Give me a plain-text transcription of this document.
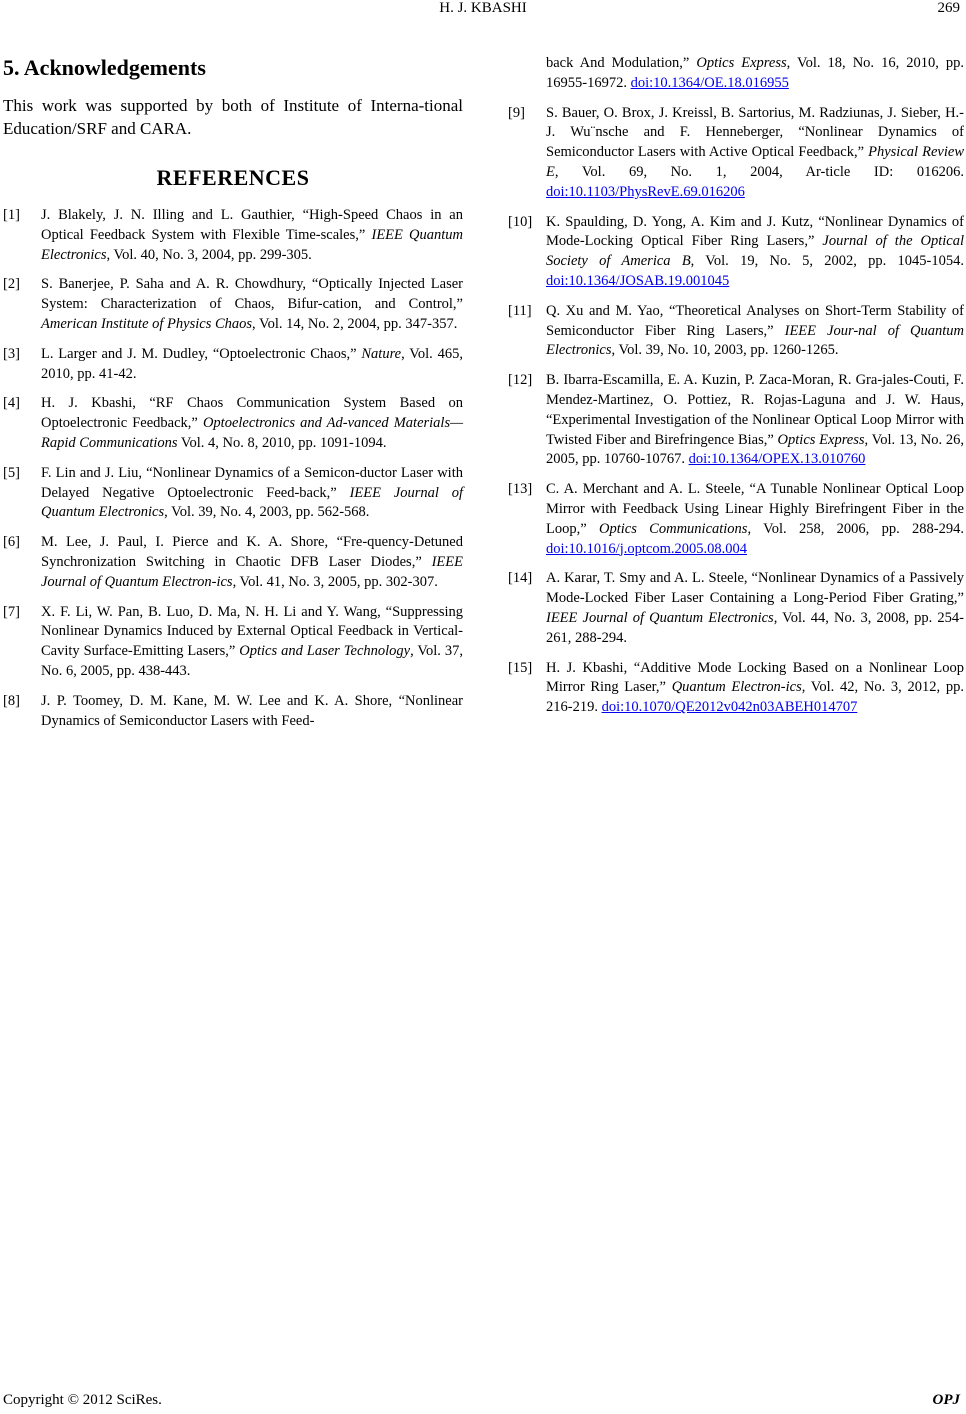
H. J. KBASHI	269
5. Acknowledgements

This work was supported by both of Institute of Interna-tional Education/SRF and CARA.

REFERENCES
[1] J. Blakely, J. N. Illing and L. Gauthier, “High-Speed Chaos in an Optical Feedback System with Flexible Time-scales,” IEEE Quantum Electronics, Vol. 40, No. 3, 2004, pp. 299-305.
[2] S. Banerjee, P. Saha and A. R. Chowdhury, “Optically Injected Laser System: Characterization of Chaos, Bifur-cation, and Control,” American Institute of Physics Chaos, Vol. 14, No. 2, 2004, pp. 347-357.
[3] L. Larger and J. M. Dudley, “Optoelectronic Chaos,” Nature, Vol. 465, 2010, pp. 41-42.
[4] H. J. Kbashi, “RF Chaos Communication System Based on Optoelectronic Feedback,” Optoelectronics and Ad-vanced Materials—Rapid Communications Vol. 4, No. 8, 2010, pp. 1091-1094.
[5] F. Lin and J. Liu, “Nonlinear Dynamics of a Semicon-ductor Laser with Delayed Negative Optoelectronic Feed-back,” IEEE Journal of Quantum Electronics, Vol. 39, No. 4, 2003, pp. 562-568.
[6] M. Lee, J. Paul, I. Pierce and K. A. Shore, “Fre-quency-Detuned Synchronization Switching in Chaotic DFB Laser Diodes,” IEEE Journal of Quantum Electron-ics, Vol. 41, No. 3, 2005, pp. 302-307.
[7] X. F. Li, W. Pan, B. Luo, D. Ma, N. H. Li and Y. Wang, “Suppressing Nonlinear Dynamics Induced by External Optical Feedback in Vertical-Cavity Surface-Emitting Lasers,” Optics and Laser Technology, Vol. 37, No. 6, 2005, pp. 438-443.
[8] J. P. Toomey, D. M. Kane, M. W. Lee and K. A. Shore, “Nonlinear Dynamics of Semiconductor Lasers with Feed-
back And Modulation,” Optics Express, Vol. 18, No. 16, 2010, pp. 16955-16972. doi:10.1364/OE.18.016955
[9] S. Bauer, O. Brox, J. Kreissl, B. Sartorius, M. Radziunas, J. Sieber, H.-J. Wu¨nsche and F. Henneberger, “Nonlinear Dynamics of Semiconductor Lasers with Active Optical Feedback,” Physical Review E, Vol. 69, No. 1, 2004, Ar-ticle ID: 016206. doi:10.1103/PhysRevE.69.016206
[10] K. Spaulding, D. Yong, A. Kim and J. Kutz, “Nonlinear Dynamics of Mode-Locking Optical Fiber Ring Lasers,” Journal of the Optical Society of America B, Vol. 19, No. 5, 2002, pp. 1045-1054. doi:10.1364/JOSAB.19.001045
[11] Q. Xu and M. Yao, “Theoretical Analyses on Short-Term Stability of Semiconductor Fiber Ring Lasers,” IEEE Jour-nal of Quantum Electronics, Vol. 39, No. 10, 2003, pp. 1260-1265.
[12] B. Ibarra-Escamilla, E. A. Kuzin, P. Zaca-Moran, R. Gra-jales-Couti, F. Mendez-Martinez, O. Pottiez, R. Rojas-Laguna and J. W. Haus, “Experimental Investigation of the Nonlinear Optical Loop Mirror with Twisted Fiber and Birefringence Bias,” Optics Express, Vol. 13, No. 26, 2005, pp. 10760-10767. doi:10.1364/OPEX.13.010760
[13] C. A. Merchant and A. L. Steele, “A Tunable Nonlinear Optical Loop Mirror with Feedback Using Linear Highly Birefringent Fiber in the Loop,” Optics Communications, Vol. 258, 2006, pp. 288-294. doi:10.1016/j.optcom.2005.08.004
[14] A. Karar, T. Smy and A. L. Steele, “Nonlinear Dynamics of a Passively Mode-Locked Fiber Laser Containing a Long-Period Fiber Grating,” IEEE Journal of Quantum Electronics, Vol. 44, No. 3, 2008, pp. 254-261, 288-294.
[15] H. J. Kbashi, “Additive Mode Locking Based on a Nonlinear Loop Mirror Ring Laser,” Quantum Electron-ics, Vol. 42, No. 3, 2012, pp. 216-219. doi:10.1070/QE2012v042n03ABEH014707
Copyright © 2012 SciRes.	OPJ
